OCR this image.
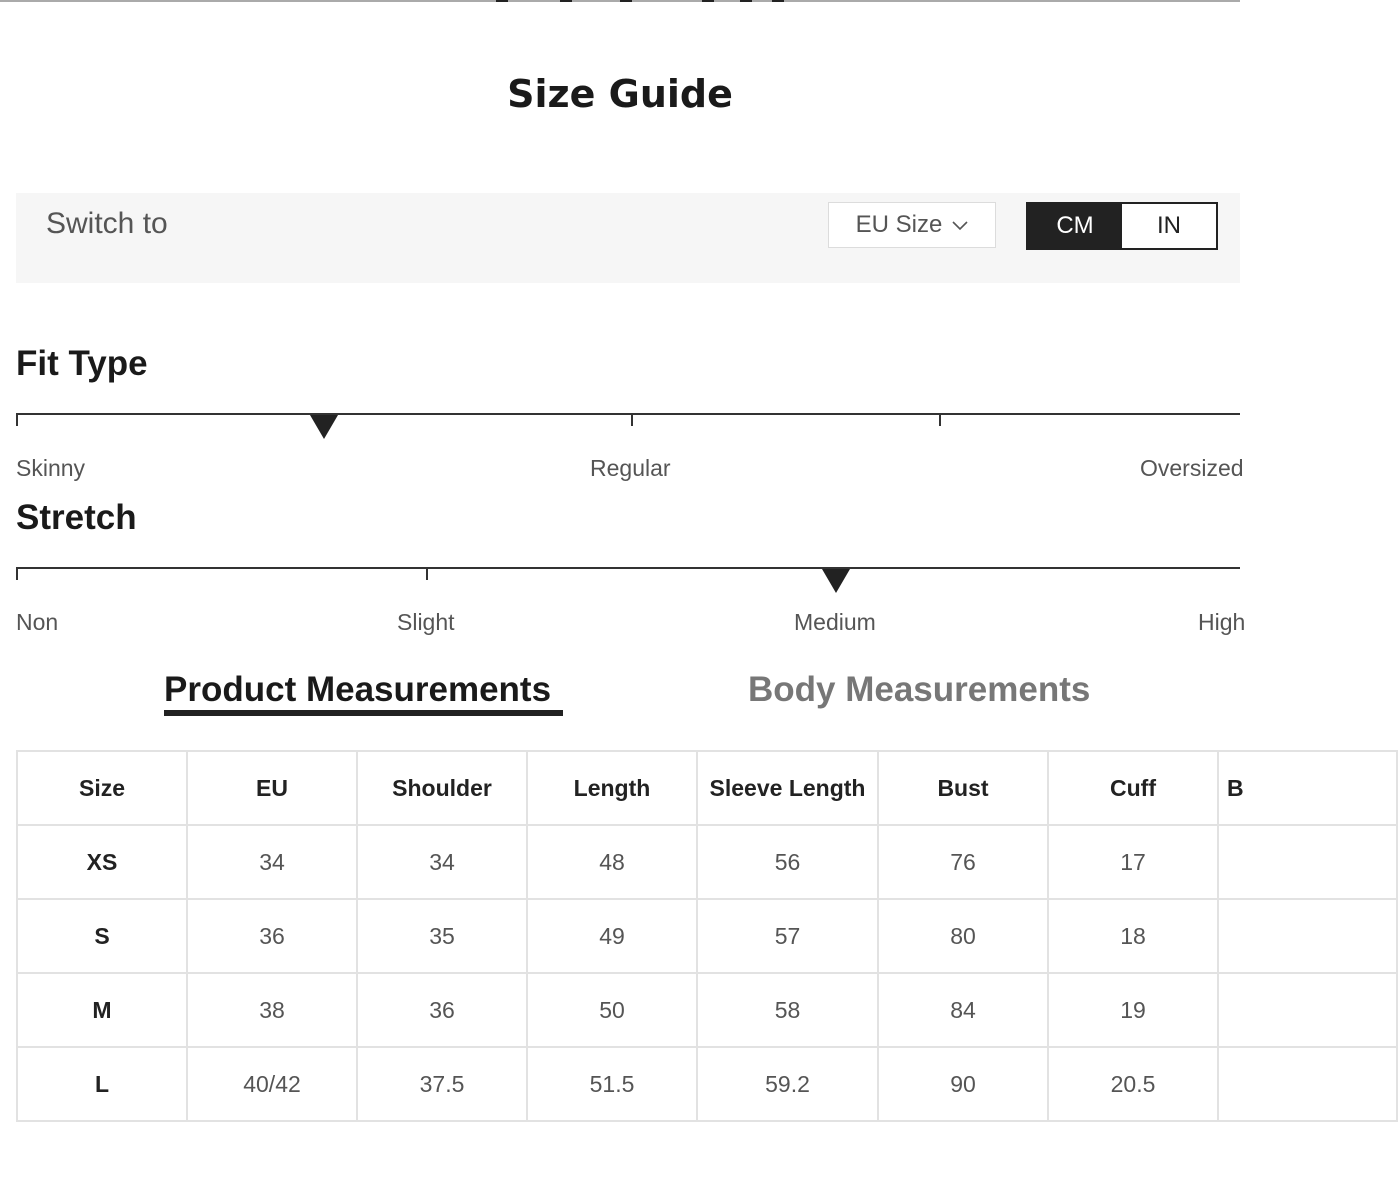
Size Guide
Switch to	EU Size	CM	IN
Fit Type
Skinny	Regular	Oversized
Stretch
Non	Slight	Medium	High
Product Measurements	Body Measurements
Size	EU	Shoulder	Length	Sleeve Length	Bust	Cuff	B
XS	34	34	48	56	76	17	
S	36	35	49	57	80	18	
M	38	36	50	58	84	19	
L	40/42	37.5	51.5	59.2	90	20.5	
